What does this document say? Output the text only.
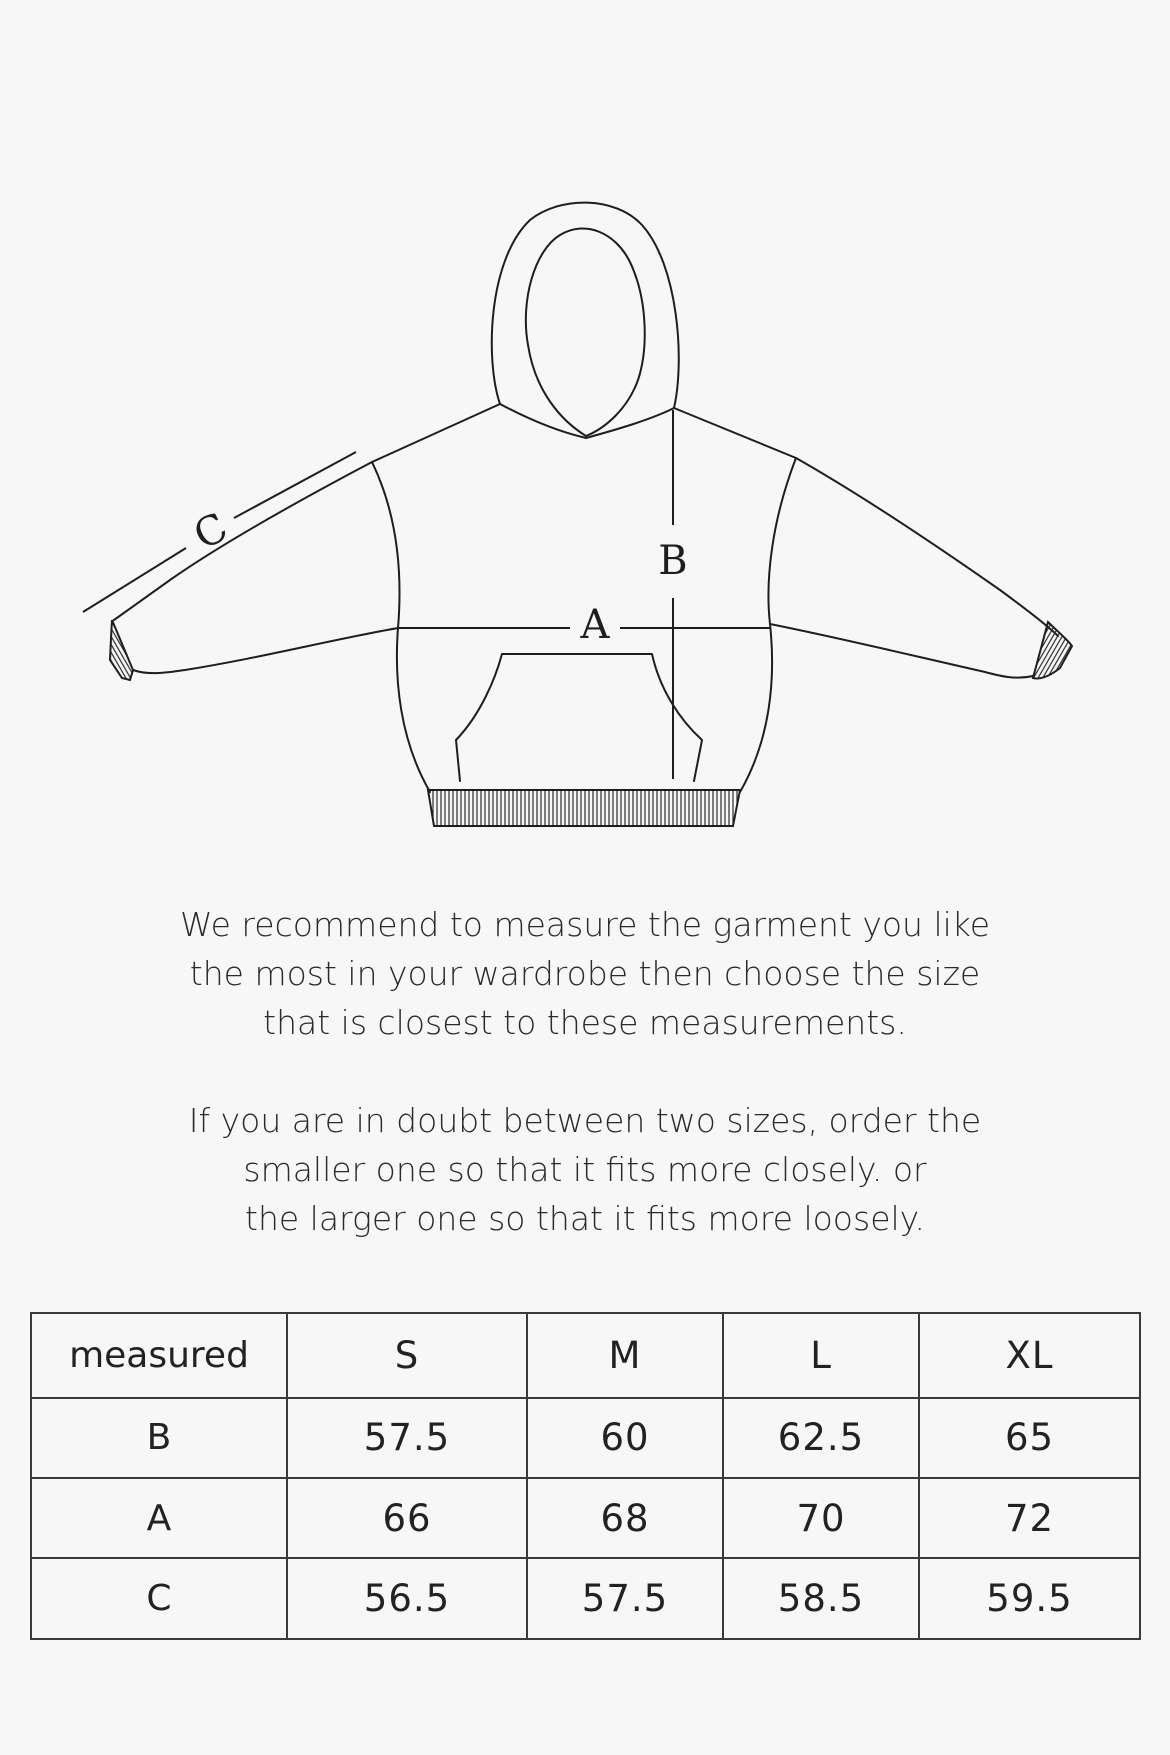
A
B
C

We recommend to measure the garment you like

the most in your wardrobe then choose the size

that is closest to these measurements.

If you are in doubt between two sizes, order the

smaller one so that it fits more closely. or

the larger one so that it fits more loosely.

measured	S	M	L	XL
B	57.5	60	62.5	65
A	66	68	70	72
C	56.5	57.5	58.5	59.5
